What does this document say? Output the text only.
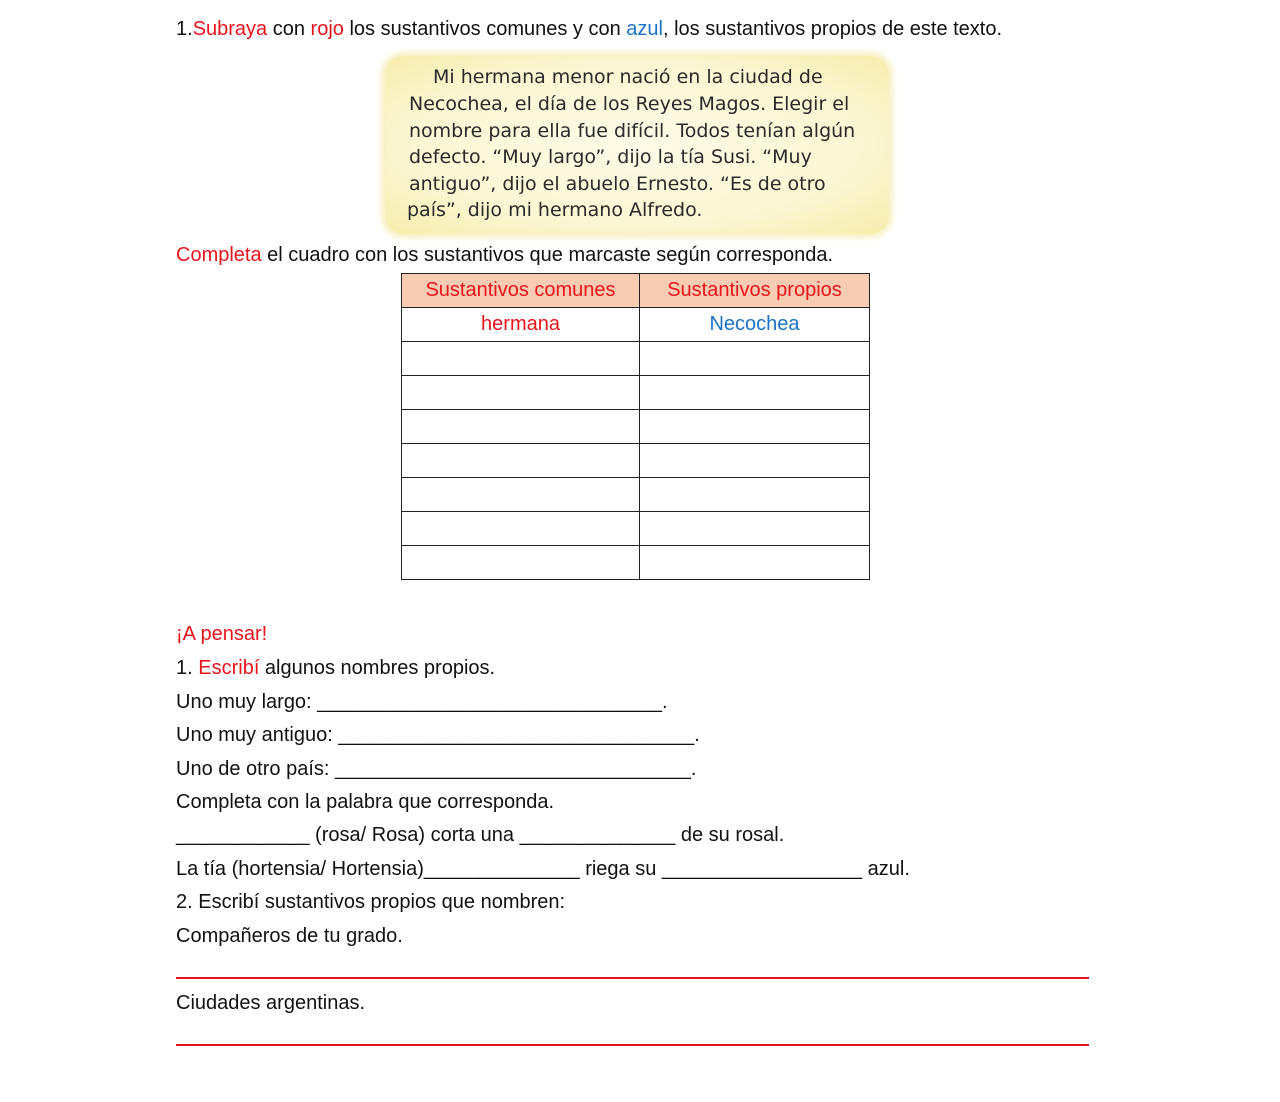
1.Subraya con rojo los sustantivos comunes y con azul, los sustantivos propios de este texto.
Mi hermana menor nació en la ciudad de
Necochea, el día de los Reyes Magos. Elegir el
nombre para ella fue difícil. Todos tenían algún
defecto. “Muy largo”, dijo la tía Susi. “Muy
antiguo”, dijo el abuelo Ernesto. “Es de otro
país”, dijo mi hermano Alfredo.
Completa el cuadro con los sustantivos que marcaste según corresponda.
Sustantivos comunes	Sustantivos propios
hermana	Necochea

¡A pensar!
1. Escribí algunos nombres propios.
Uno muy largo: _______________________________.
Uno muy antiguo: ________________________________.
Uno de otro país: ________________________________.
Completa con la palabra que corresponda.
____________ (rosa/ Rosa) corta una ______________ de su rosal.
La tía (hortensia/ Hortensia)______________ riega su __________________ azul.
2. Escribí sustantivos propios que nombren:
Compañeros de tu grado.
Ciudades argentinas.
